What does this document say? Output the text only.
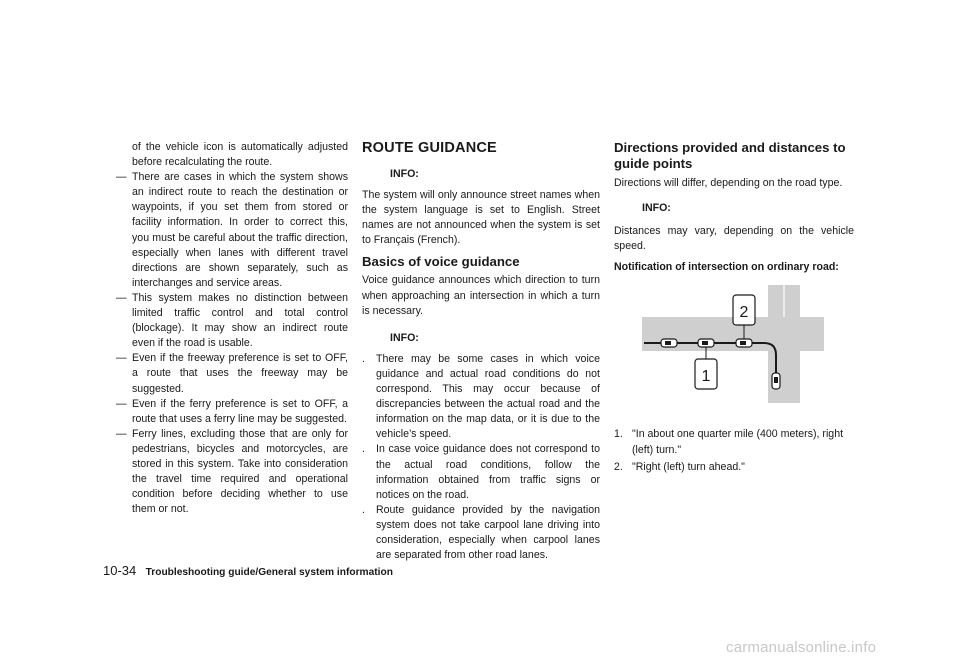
of the vehicle icon is automatically adjusted before recalculating the route.

— There are cases in which the system shows an indirect route to reach the destination or waypoints, if you set them from stored or facility information. In order to correct this, you must be careful about the traffic direction, especially when lanes with different travel directions are shown separately, such as interchanges and service areas.
— This system makes no distinction between limited traffic control and total control (blockage). It may show an indirect route even if the road is usable.
— Even if the freeway preference is set to OFF, a route that uses the freeway may be suggested.
— Even if the ferry preference is set to OFF, a route that uses a ferry line may be suggested.
— Ferry lines, excluding those that are only for pedestrians, bicycles and motorcycles, are stored in this system. Take into consideration the travel time required and operational condition before deciding whether to use them or not.
ROUTE GUIDANCE
INFO:

The system will only announce street names when the system language is set to English. Street names are not announced when the system is set to Français (French).

Basics of voice guidance

Voice guidance announces which direction to turn when approaching an intersection in which a turn is necessary.

INFO:
.	There may be some cases in which voice guidance and actual road conditions do not correspond. This may occur because of discrepancies between the actual road and the information on the map data, or it is due to the vehicle’s speed.
.	In case voice guidance does not correspond to the actual road conditions, follow the information obtained from traffic signs or notices on the road.
.	Route guidance provided by the navigation system does not take carpool lane driving into consideration, especially when carpool lanes are separated from other road lanes.
Directions provided and distances to guide points

Directions will differ, depending on the road type.

INFO:

Distances may vary, depending on the vehicle speed.

Notification of intersection on ordinary road:

2
1
1. "In about one quarter mile (400 meters), right (left) turn."
2. "Right (left) turn ahead."
10-34 Troubleshooting guide/General system information
carmanualsonline.info
